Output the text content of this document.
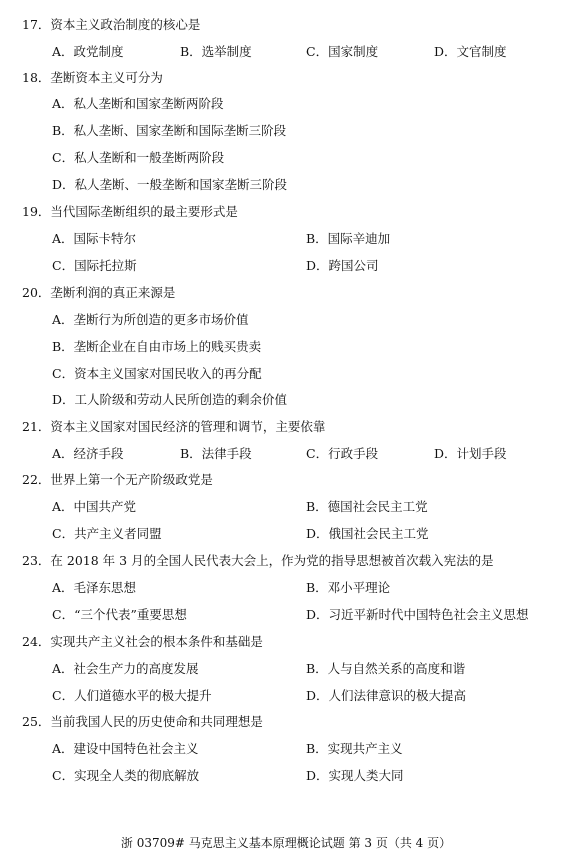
17．资本主义政治制度的核心是
A．政党制度	B．选举制度	C．国家制度	D．文官制度
18．垄断资本主义可分为
A．私人垄断和国家垄断两阶段
B．私人垄断、国家垄断和国际垄断三阶段
C．私人垄断和一般垄断两阶段
D．私人垄断、一般垄断和国家垄断三阶段
19．当代国际垄断组织的最主要形式是
A．国际卡特尔	B．国际辛迪加
C．国际托拉斯	D．跨国公司
20．垄断利润的真正来源是
A．垄断行为所创造的更多市场价值
B．垄断企业在自由市场上的贱买贵卖
C．资本主义国家对国民收入的再分配
D．工人阶级和劳动人民所创造的剩余价值
21．资本主义国家对国民经济的管理和调节，主要依靠
A．经济手段	B．法律手段	C．行政手段	D．计划手段
22．世界上第一个无产阶级政党是
A．中国共产党	B．德国社会民主工党
C．共产主义者同盟	D．俄国社会民主工党
23．在 2018 年 3 月的全国人民代表大会上，作为党的指导思想被首次载入宪法的是
A．毛泽东思想	B．邓小平理论
C．“三个代表”重要思想	D．习近平新时代中国特色社会主义思想
24．实现共产主义社会的根本条件和基础是
A．社会生产力的高度发展	B．人与自然关系的高度和谐
C．人们道德水平的极大提升	D．人们法律意识的极大提高
25．当前我国人民的历史使命和共同理想是
A．建设中国特色社会主义	B．实现共产主义
C．实现全人类的彻底解放	D．实现人类大同
浙 03709# 马克思主义基本原理概论试题 第 3 页（共 4 页）
